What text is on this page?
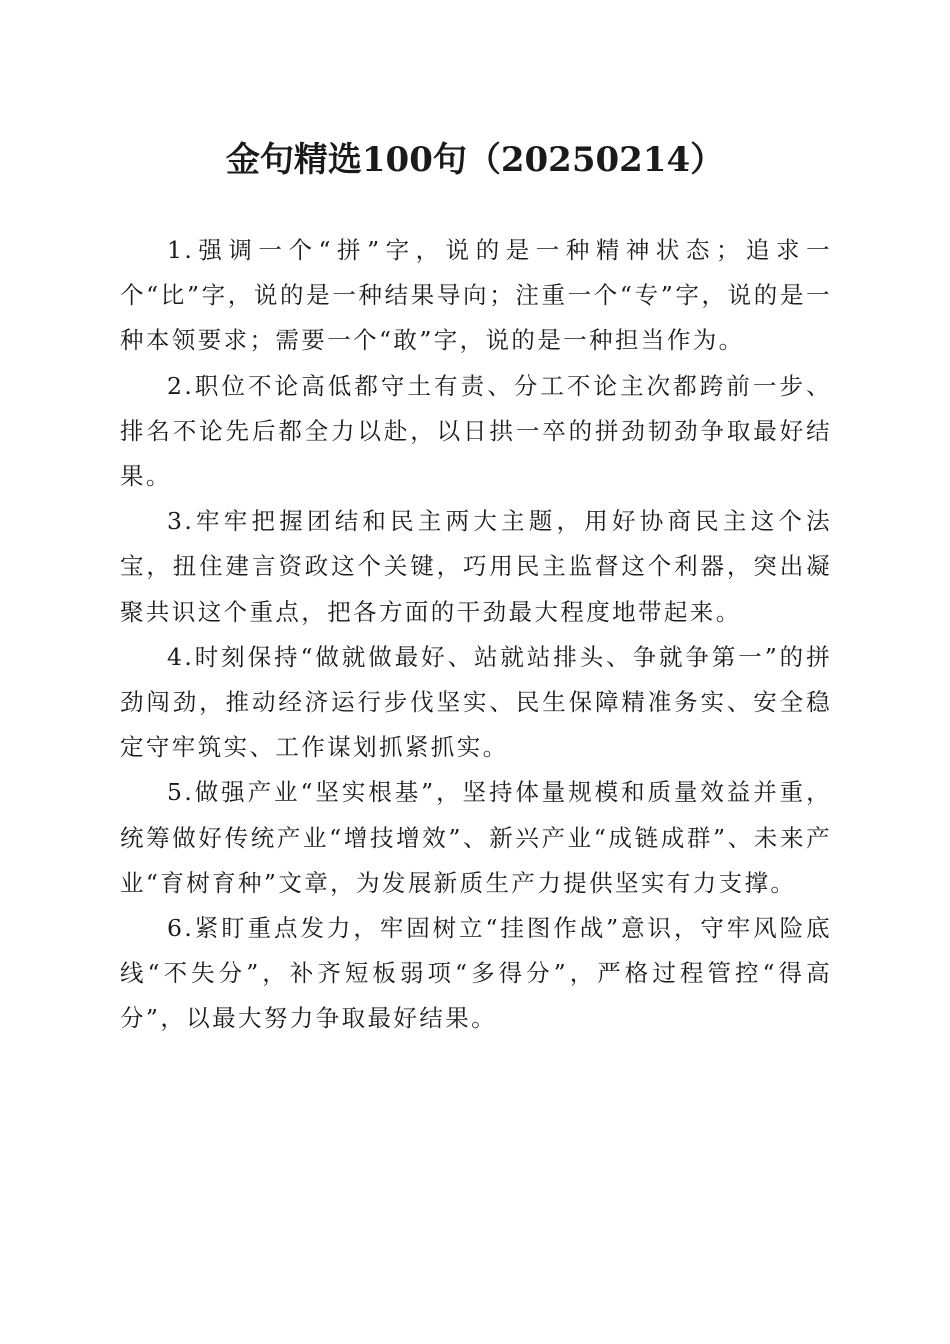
金句精选100句（20250214）

1.强调一个“拼”字，说的是一种精神状态；追求一个“比”字，说的是一种结果导向；注重一个“专”字，说的是一种本领要求；需要一个“敢”字，说的是一种担当作为。

2.职位不论高低都守土有责、分工不论主次都跨前一步、排名不论先后都全力以赴，以日拱一卒的拼劲韧劲争取最好结果。

3.牢牢把握团结和民主两大主题，用好协商民主这个法宝，扭住建言资政这个关键，巧用民主监督这个利器，突出凝聚共识这个重点，把各方面的干劲最大程度地带起来。

4.时刻保持“做就做最好、站就站排头、争就争第一”的拼劲闯劲，推动经济运行步伐坚实、民生保障精准务实、安全稳定守牢筑实、工作谋划抓紧抓实。

5.做强产业“坚实根基”，坚持体量规模和质量效益并重，统筹做好传统产业“增技增效”、新兴产业“成链成群”、未来产业“育树育种”文章，为发展新质生产力提供坚实有力支撑。

6.紧盯重点发力，牢固树立“挂图作战”意识，守牢风险底线“不失分”，补齐短板弱项“多得分”，严格过程管控“得高分”，以最大努力争取最好结果。
